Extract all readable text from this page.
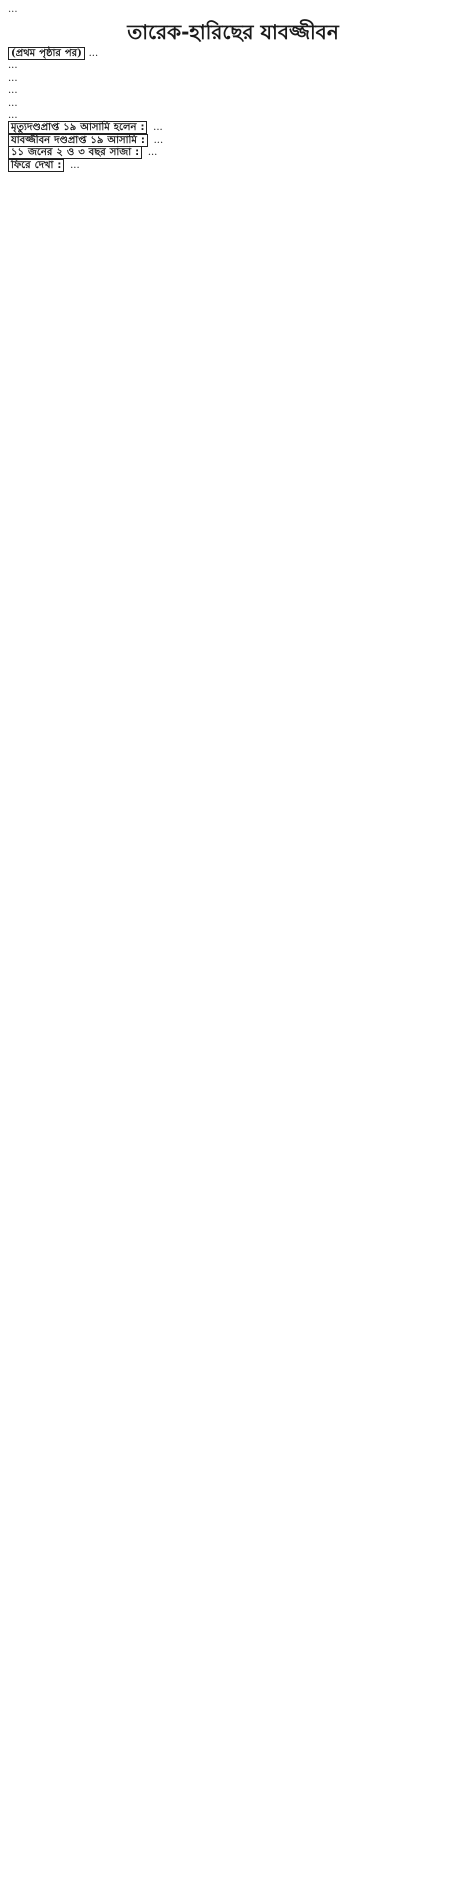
...
তারেক-হারিছের যাবজ্জীবন

(প্রথম পৃষ্ঠার পর) ...

...

...

...

...

...

মৃত্যুদণ্ডপ্রাপ্ত ১৯ আসামি হলেন : ...

যাবজ্জীবন দণ্ডপ্রাপ্ত ১৯ আসামি : ...

১১ জনের ২ ও ৩ বছর সাজা : ...

ফিরে দেখা : ...
